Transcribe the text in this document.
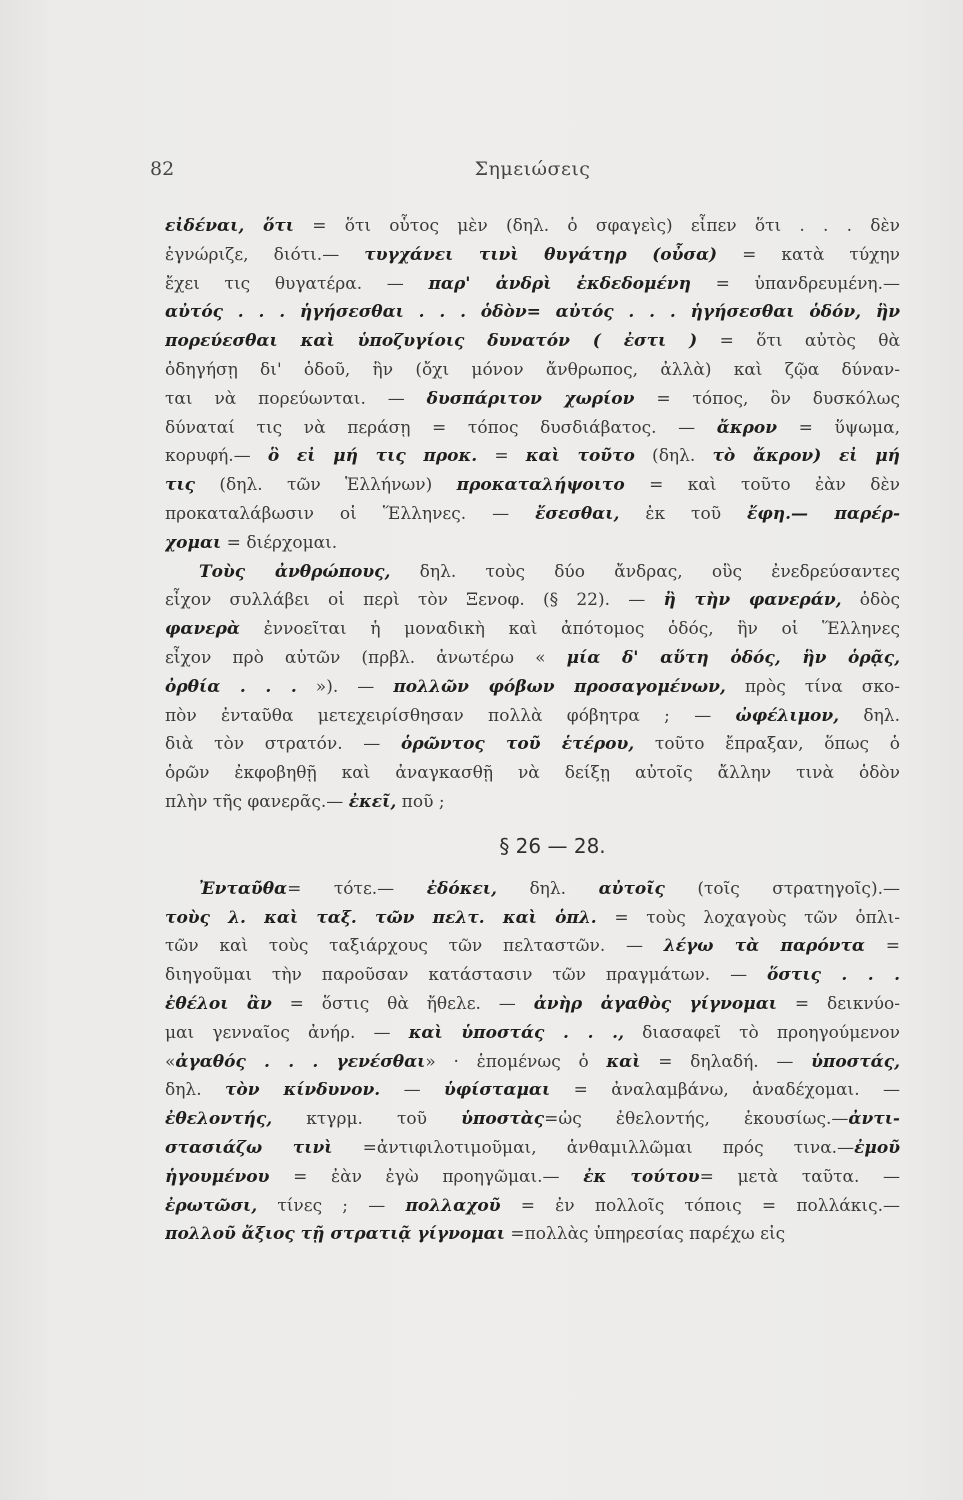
82	Σημειώσεις
εἰδέναι, ὅτι = ὅτι οὗτος μὲν (δηλ. ὁ σφαγεὶς) εἶπεν ὅτι . . . δὲν
ἐγνώριζε, διότι.— τυγχάνει τινὶ θυγάτηρ (οὖσα) = κατὰ τύχην
ἔχει τις θυγατέρα. — παρ' ἀνδρὶ ἐκδεδομένη = ὑπανδρευμένη.—
αὐτός . . . ἡγήσεσθαι . . . ὁδὸν= αὐτός . . . ἡγήσεσθαι ὁδόν, ἣν
πορεύεσθαι καὶ ὑποζυγίοις δυνατόν ( ἐστι ) = ὅτι αὐτὸς θὰ
ὁδηγήσῃ δι' ὁδοῦ, ἣν (ὄχι μόνον ἄνθρωπος, ἀλλὰ) καὶ ζῷα δύναν-
ται νὰ πορεύωνται. — δυσπάριτον χωρίον = τόπος, ὃν δυσκόλως
δύναταί τις νὰ περάσῃ = τόπος δυσδιάβατος. — ἄκρον = ὕψωμα,
κορυφή.— ὃ εἰ μή τις προκ. = καὶ τοῦτο (δηλ. τὸ ἄκρον) εἰ μή
τις (δηλ. τῶν Ἑλλήνων) προκαταλήψοιτο = καὶ τοῦτο ἐὰν δὲν
προκαταλάβωσιν οἱ Ἕλληνες. — ἔσεσθαι, ἐκ τοῦ ἔφη.— παρέρ-
χομαι = διέρχομαι.
Τοὺς ἀνθρώπους, δηλ. τοὺς δύο ἄνδρας, οὓς ἐνεδρεύσαντες
εἶχον συλλάβει οἱ περὶ τὸν Ξενοφ. (§ 22). — ἢ τὴν φανεράν, ὁδὸς
φανερὰ ἐννοεῖται ἡ μοναδικὴ καὶ ἀπότομος ὁδός, ἣν οἱ Ἕλληνες
εἶχον πρὸ αὐτῶν (πρβλ. ἀνωτέρω « μία δ' αὕτη ὁδός, ἣν ὁρᾷς,
ὀρθία . . . »). — πολλῶν φόβων προσαγομένων, πρὸς τίνα σκο-
πὸν ἐνταῦθα μετεχειρίσθησαν πολλὰ φόβητρα ; — ὠφέλιμον, δηλ.
διὰ τὸν στρατόν. — ὁρῶντος τοῦ ἑτέρου, τοῦτο ἔπραξαν, ὅπως ὁ
ὁρῶν ἐκφοβηθῇ καὶ ἀναγκασθῇ νὰ δείξῃ αὐτοῖς ἄλλην τινὰ ὁδὸν
πλὴν τῆς φανερᾶς.— ἐκεῖ, ποῦ ;
§ 26 — 28.
Ἐνταῦθα= τότε.— ἐδόκει, δηλ. αὐτοῖς (τοῖς στρατηγοῖς).—
τοὺς λ. καὶ ταξ. τῶν πελτ. καὶ ὁπλ. = τοὺς λοχαγοὺς τῶν ὁπλι-
τῶν καὶ τοὺς ταξιάρχους τῶν πελταστῶν. — λέγω τὰ παρόντα =
διηγοῦμαι τὴν παροῦσαν κατάστασιν τῶν πραγμάτων. — ὅστις . . .
ἐθέλοι ἂν = ὅστις θὰ ἤθελε. — ἀνὴρ ἀγαθὸς γίγνομαι = δεικνύο-
μαι γενναῖος ἀνήρ. — καὶ ὑποστάς . . ., διασαφεῖ τὸ προηγούμενον
«ἀγαθός . . . γενέσθαι» · ἑπομένως ὁ καὶ = δηλαδή. — ὑποστάς,
δηλ. τὸν κίνδυνον. — ὑφίσταμαι = ἀναλαμβάνω, ἀναδέχομαι. —
ἐθελοντής, κτγρμ. τοῦ ὑποστὰς=ὡς ἐθελοντής, ἑκουσίως.—ἀντι-
στασιάζω τινὶ =ἀντιφιλοτιμοῦμαι, ἁνθαμιλλῶμαι πρός τινα.—ἐμοῦ
ἡγουμένου = ἐὰν ἐγὼ προηγῶμαι.— ἐκ τούτου= μετὰ ταῦτα. —
ἐρωτῶσι, τίνες ; — πολλαχοῦ = ἐν πολλοῖς τόποις = πολλάκις.—
πολλοῦ ἄξιος τῇ στρατιᾷ γίγνομαι =πολλὰς ὑπηρεσίας παρέχω εἰς
